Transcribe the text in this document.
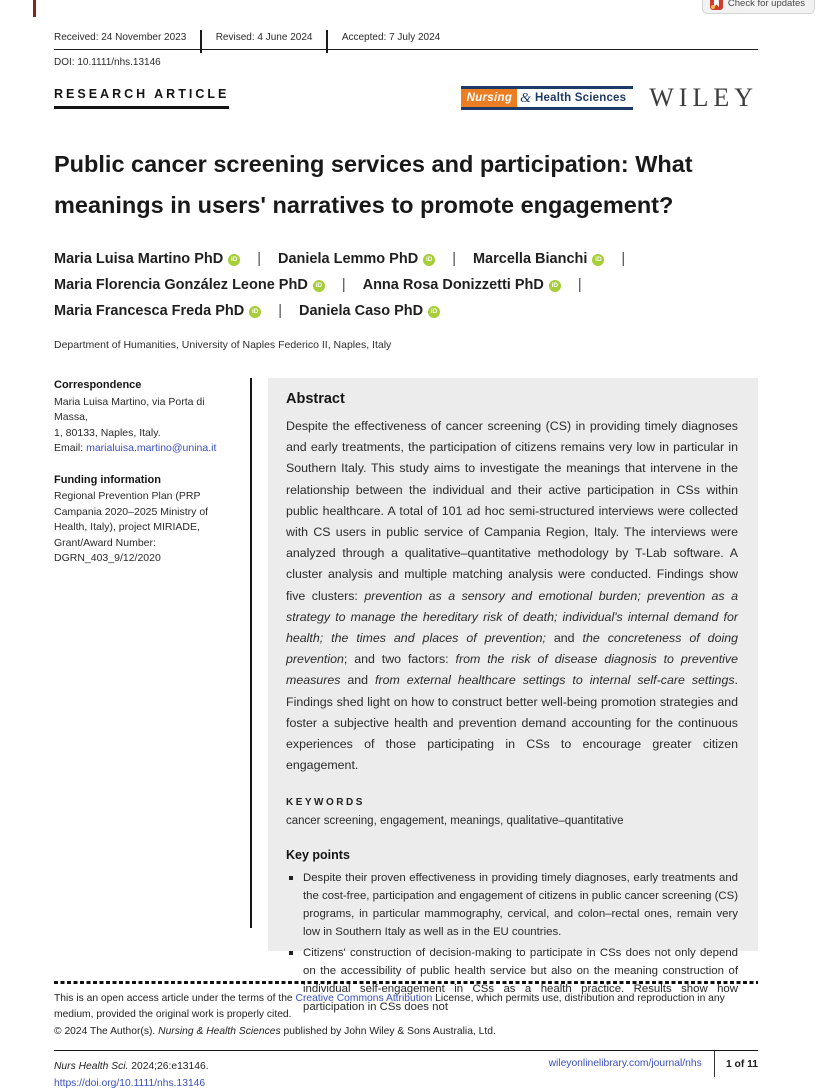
Check for updates
Received: 24 November 2023	Revised: 4 June 2024	Accepted: 7 July 2024
DOI: 10.1111/nhs.13146
RESEARCH ARTICLE	Nursing & Health Sciences WILEY
Public cancer screening services and participation: What meanings in users' narratives to promote engagement?
Maria Luisa Martino PhD iD |	Daniela Lemmo PhD iD |	Marcella BianchiiD|
Maria Florencia González Leone PhD iD |	Anna Rosa Donizzetti PhDiD|
Maria Francesca Freda PhD iD |	Daniela Caso PhDiD
Department of Humanities, University of Naples Federico II, Naples, Italy
Correspondence
Maria Luisa Martino, via Porta di Massa,
1, 80133, Naples, Italy.
Email: marialuisa.martino@unina.it
Funding information
Regional Prevention Plan (PRP Campania 2020–2025 Ministry of Health, Italy), project MIRIADE, Grant/Award Number: DGRN_403_9/12/2020
Abstract

Despite the effectiveness of cancer screening (CS) in providing timely diagnoses and early treatments, the participation of citizens remains very low in particular in Southern Italy. This study aims to investigate the meanings that intervene in the relationship between the individual and their active participation in CSs within public healthcare. A total of 101 ad hoc semi-structured interviews were collected with CS users in public service of Campania Region, Italy. The interviews were analyzed through a qualitative–quantitative methodology by T-Lab software. A cluster analysis and multiple matching analysis were conducted. Findings show five clusters: prevention as a sensory and emotional burden; prevention as a strategy to manage the hereditary risk of death; individual's internal demand for health; the times and places of prevention; and the concreteness of doing prevention; and two factors: from the risk of disease diagnosis to preventive measures and from external healthcare settings to internal self-care settings. Findings shed light on how to construct better well-being promotion strategies and foster a subjective health and prevention demand accounting for the continuous experiences of those participating in CSs to encourage greater citizen engagement.

KEYWORDS
cancer screening, engagement, meanings, qualitative–quantitative
Key points
Despite their proven effectiveness in providing timely diagnoses, early treatments and the cost-free, participation and engagement of citizens in public cancer screening (CS) programs, in particular mammography, cervical, and colon–rectal ones, remain very low in Southern Italy as well as in the EU countries.
Citizens' construction of decision-making to participate in CSs does not only depend on the accessibility of public health service but also on the meaning construction of individual self-engagement in CSs as a health practice. Results show how participation in CSs does not

This is an open access article under the terms of the Creative Commons Attribution License, which permits use, distribution and reproduction in any medium, provided the original work is properly cited.

© 2024 The Author(s). Nursing & Health Sciences published by John Wiley & Sons Australia, Ltd.

Nurs Health Sci. 2024;26:e13146.
https://doi.org/10.1111/nhs.13146
wileyonlinelibrary.com/journal/nhs 1 of 11
